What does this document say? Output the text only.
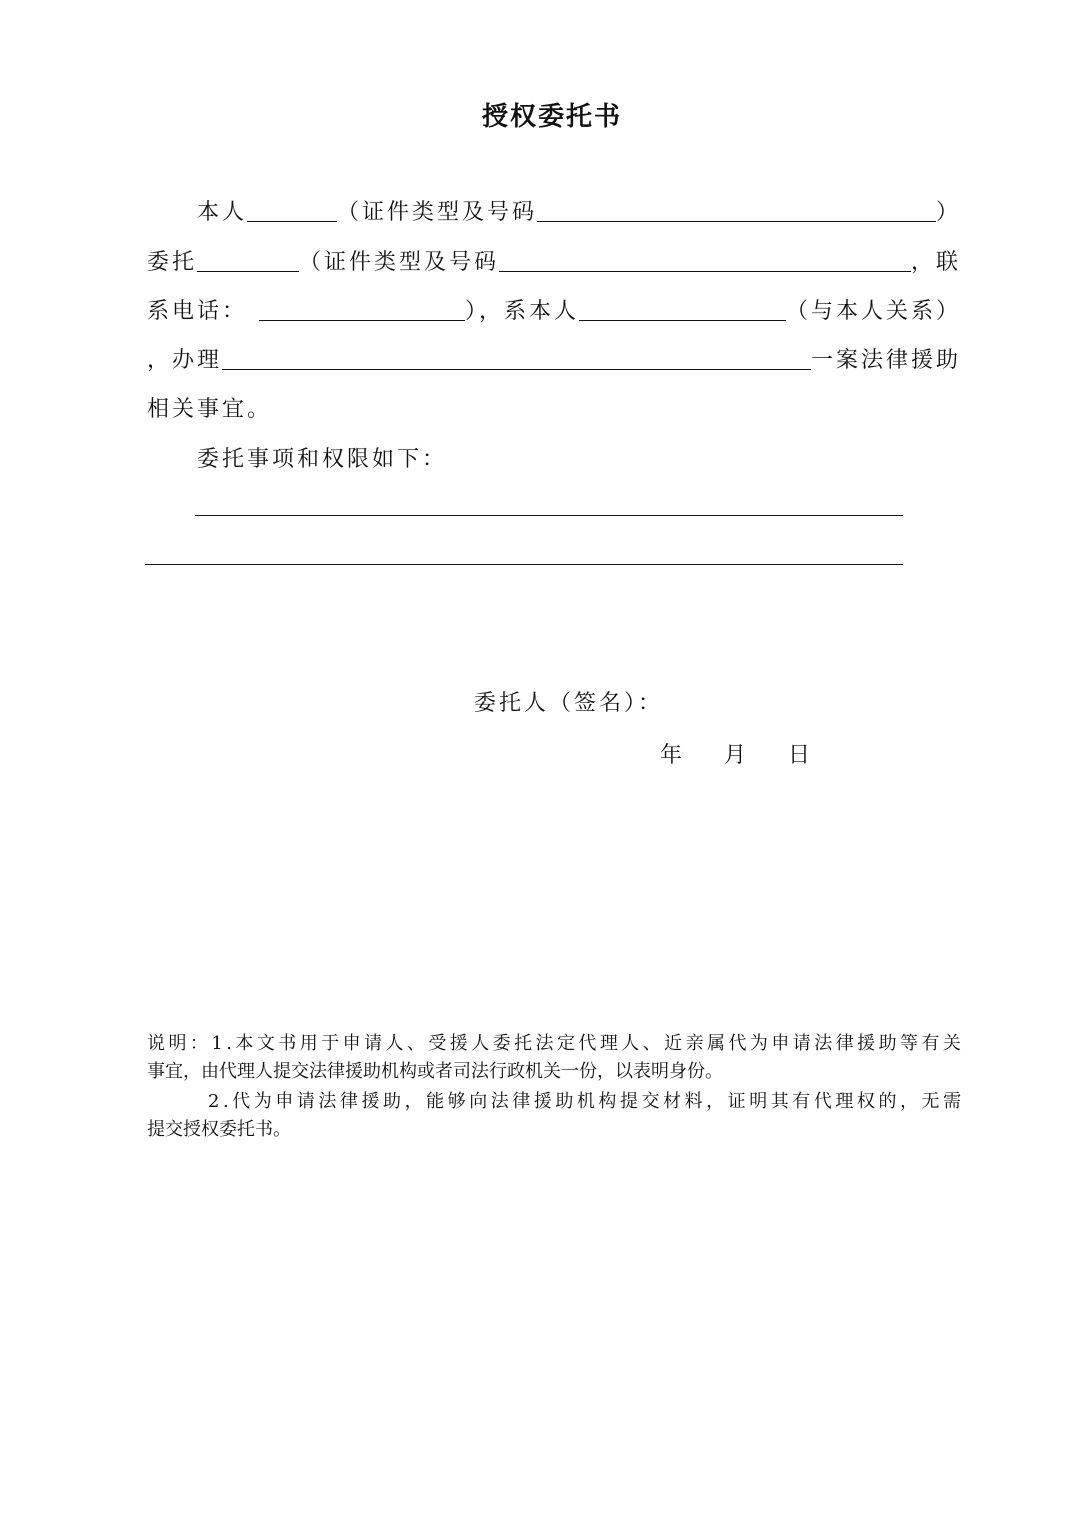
授权委托书
本人	（证件类型及号码	）
委托	（证件类型及号码	，联
系电话：	），系本人	（与本人关系）
，办理	一案法律援助
相关事宜。
委托事项和权限如下：
委托人（签名）：
年 月 日
说明：1.本文书用于申请人、受援人委托法定代理人、近亲属代为申请法律援助等有关
事宜，由代理人提交法律援助机构或者司法行政机关一份，以表明身份。
2.代为申请法律援助，能够向法律援助机构提交材料，证明其有代理权的，无需
提交授权委托书。
